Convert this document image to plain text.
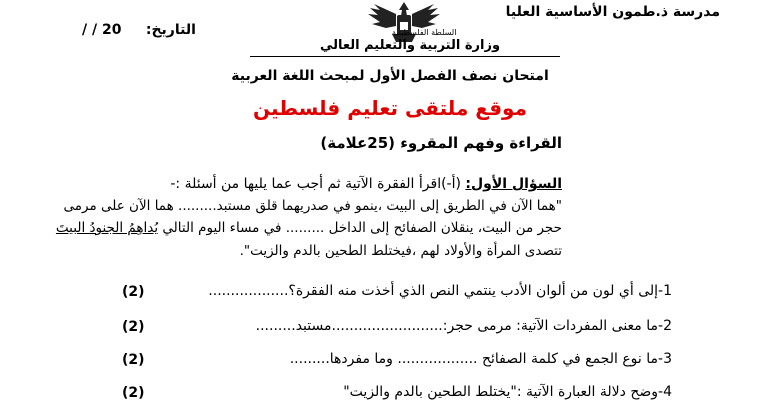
السلطة الفلسطينية
مدرسة ذ.طمون الأساسية العليا
/ / 20 التاريخ:
وزارة التربية والتعليم العالي
امتحان نصف الفصل الأول لمبحث اللغة العربية
موقع ملتقى تعليم فلسطين
القراءة وفهم المقروء (25علامة)
السؤال الأول: (أ-)اقرأ الفقرة الآتية ثم أجب عما يليها من أسئلة :-
"هما الآن في الطريق إلى البيت ،ينمو في صدريهما قلق مستبد......... هما الآن على مرمى
حجر من البيت، ينقلان الصفائح إلى الداخل ......... في مساء اليوم التالي يُداهِمُ الجنودُ البيتَ
تتصدى المرأة والأولاد لهم ،فيختلط الطحين بالدم والزيت".
1-إلى أي لون من ألوان الأدب ينتمي النص الذي أخذت منه الفقرة؟..................
(2)
2-ما معنى المفردات الآتية: مرمى حجر:.........................مستبد.........
(2)
3-ما نوع الجمع في كلمة الصفائح .................. وما مفردها.........
(2)
4-وضح دلالة العبارة الآتية :"يختلط الطحين بالدم والزيت"
(2)
